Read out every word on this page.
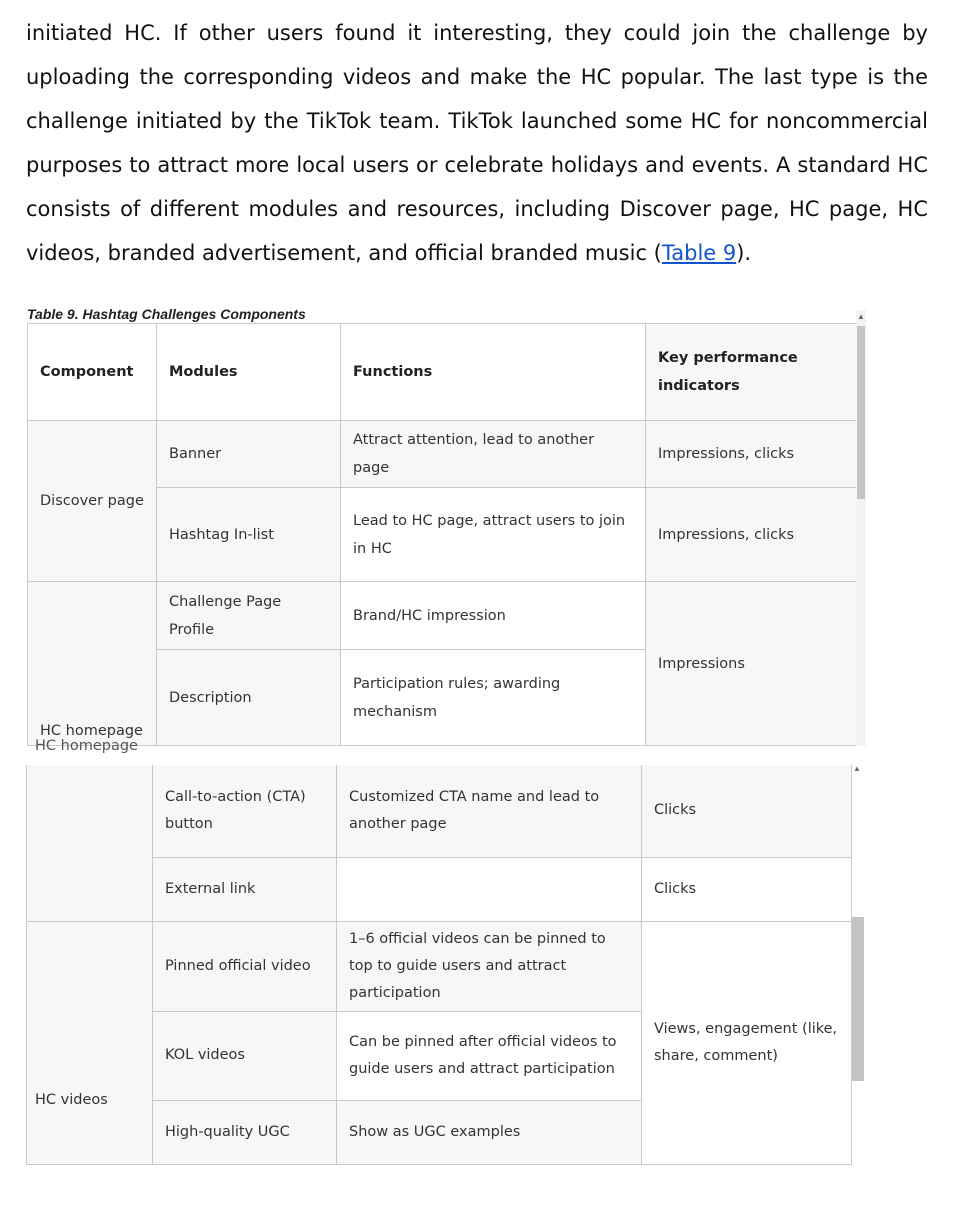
initiated HC. If other users found it interesting, they could join the challenge by uploading the corresponding videos and make the HC popular. The last type is the challenge initiated by the TikTok team. TikTok launched some HC for noncommercial purposes to attract more local users or celebrate holidays and events. A standard HC consists of different modules and resources, including Discover page, HC page, HC videos, branded advertisement, and official branded music (Table 9).

Table 9. Hashtag Challenges Components
Component	Modules	Functions	Key performance indicators
Discover page	Banner	Attract attention, lead to another page	Impressions, clicks
	Hashtag In-list	Lead to HC page, attract users to join in HC	Impressions, clicks
HC homepage	Challenge Page Profile	Brand/HC impression	Impressions
	Description	Participation rules; awarding mechanism	
▲
HC homepage
	Call-to-action (CTA) button	Customized CTA name and lead to another page	Clicks
	External link		Clicks
HC videos	Pinned official video	1–6 official videos can be pinned to top to guide users and attract participation	Views, engagement (like, share, comment)
	KOL videos	Can be pinned after official videos to guide users and attract participation	
	High-quality UGC	Show as UGC examples	
▲
